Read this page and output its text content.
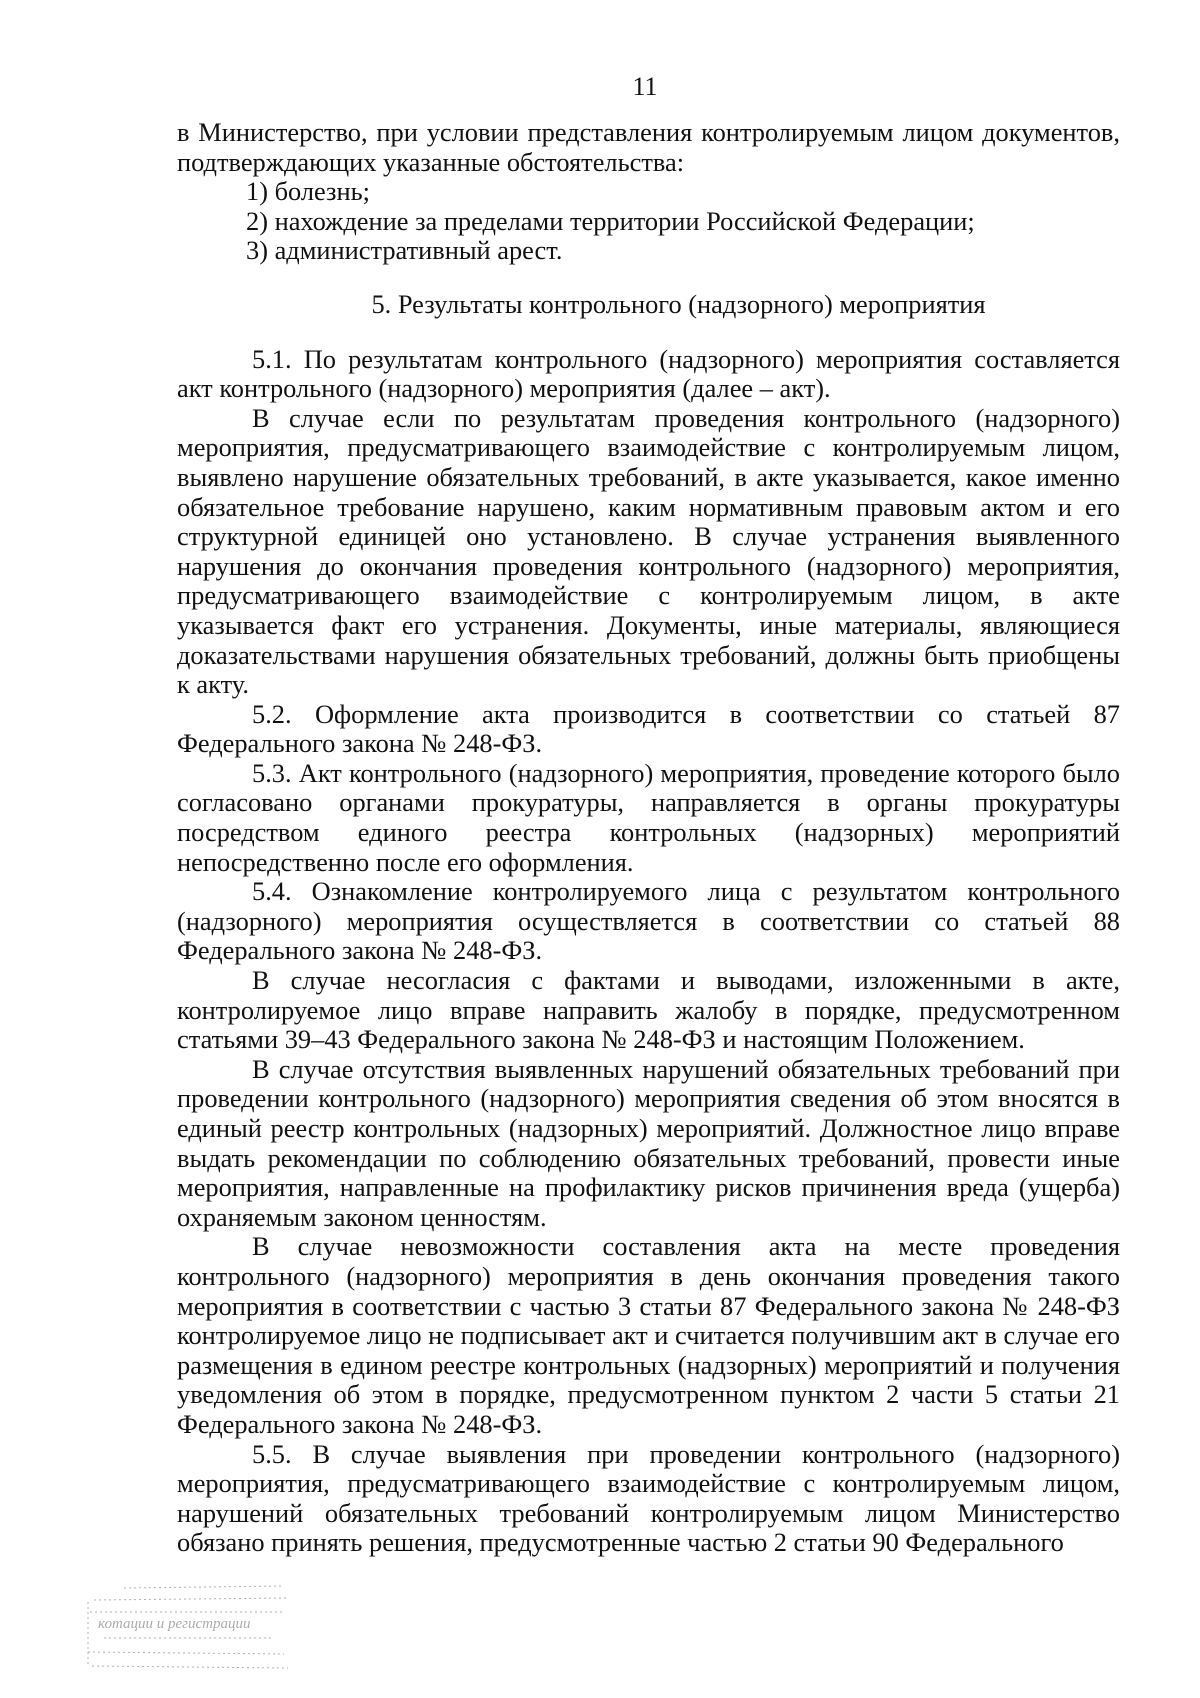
11

в Министерство, при условии представления контролируемым лицом документов, подтверждающих указанные обстоятельства:

1) болезнь;

2) нахождение за пределами территории Российской Федерации;

3) административный арест.

5. Результаты контрольного (надзорного) мероприятия

5.1. По результатам контрольного (надзорного) мероприятия составляется акт контрольного (надзорного) мероприятия (далее – акт).

В случае если по результатам проведения контрольного (надзорного) мероприятия, предусматривающего взаимодействие с контролируемым лицом, выявлено нарушение обязательных требований, в акте указывается, какое именно обязательное требование нарушено, каким нормативным правовым актом и его структурной единицей оно установлено. В случае устранения выявленного нарушения до окончания проведения контрольного (надзорного) мероприятия, предусматривающего взаимодействие с контролируемым лицом, в акте указывается факт его устранения. Документы, иные материалы, являющиеся доказательствами нарушения обязательных требований, должны быть приобщены к акту.

5.2. Оформление акта производится в соответствии со статьей 87 Федерального закона № 248-ФЗ.

5.3. Акт контрольного (надзорного) мероприятия, проведение которого было согласовано органами прокуратуры, направляется в органы прокуратуры посредством единого реестра контрольных (надзорных) мероприятий непосредственно после его оформления.

5.4. Ознакомление контролируемого лица с результатом контрольного (надзорного) мероприятия осуществляется в соответствии со статьей 88 Федерального закона № 248-ФЗ.

В случае несогласия с фактами и выводами, изложенными в акте, контролируемое лицо вправе направить жалобу в порядке, предусмотренном статьями 39–43 Федерального закона № 248-ФЗ и настоящим Положением.

В случае отсутствия выявленных нарушений обязательных требований при проведении контрольного (надзорного) мероприятия сведения об этом вносятся в единый реестр контрольных (надзорных) мероприятий. Должностное лицо вправе выдать рекомендации по соблюдению обязательных требований, провести иные мероприятия, направленные на профилактику рисков причинения вреда (ущерба) охраняемым законом ценностям.

В случае невозможности составления акта на месте проведения контрольного (надзорного) мероприятия в день окончания проведения такого мероприятия в соответствии с частью 3 статьи 87 Федерального закона № 248-ФЗ контролируемое лицо не подписывает акт и считается получившим акт в случае его размещения в едином реестре контрольных (надзорных) мероприятий и получения уведомления об этом в порядке, предусмотренном пунктом 2 части 5 статьи 21 Федерального закона № 248-ФЗ.

5.5. В случае выявления при проведении контрольного (надзорного) мероприятия, предусматривающего взаимодействие с контролируемым лицом, нарушений обязательных требований контролируемым лицом Министерство обязано принять решения, предусмотренные частью 2 статьи 90 Федерального

котации и регистрации
